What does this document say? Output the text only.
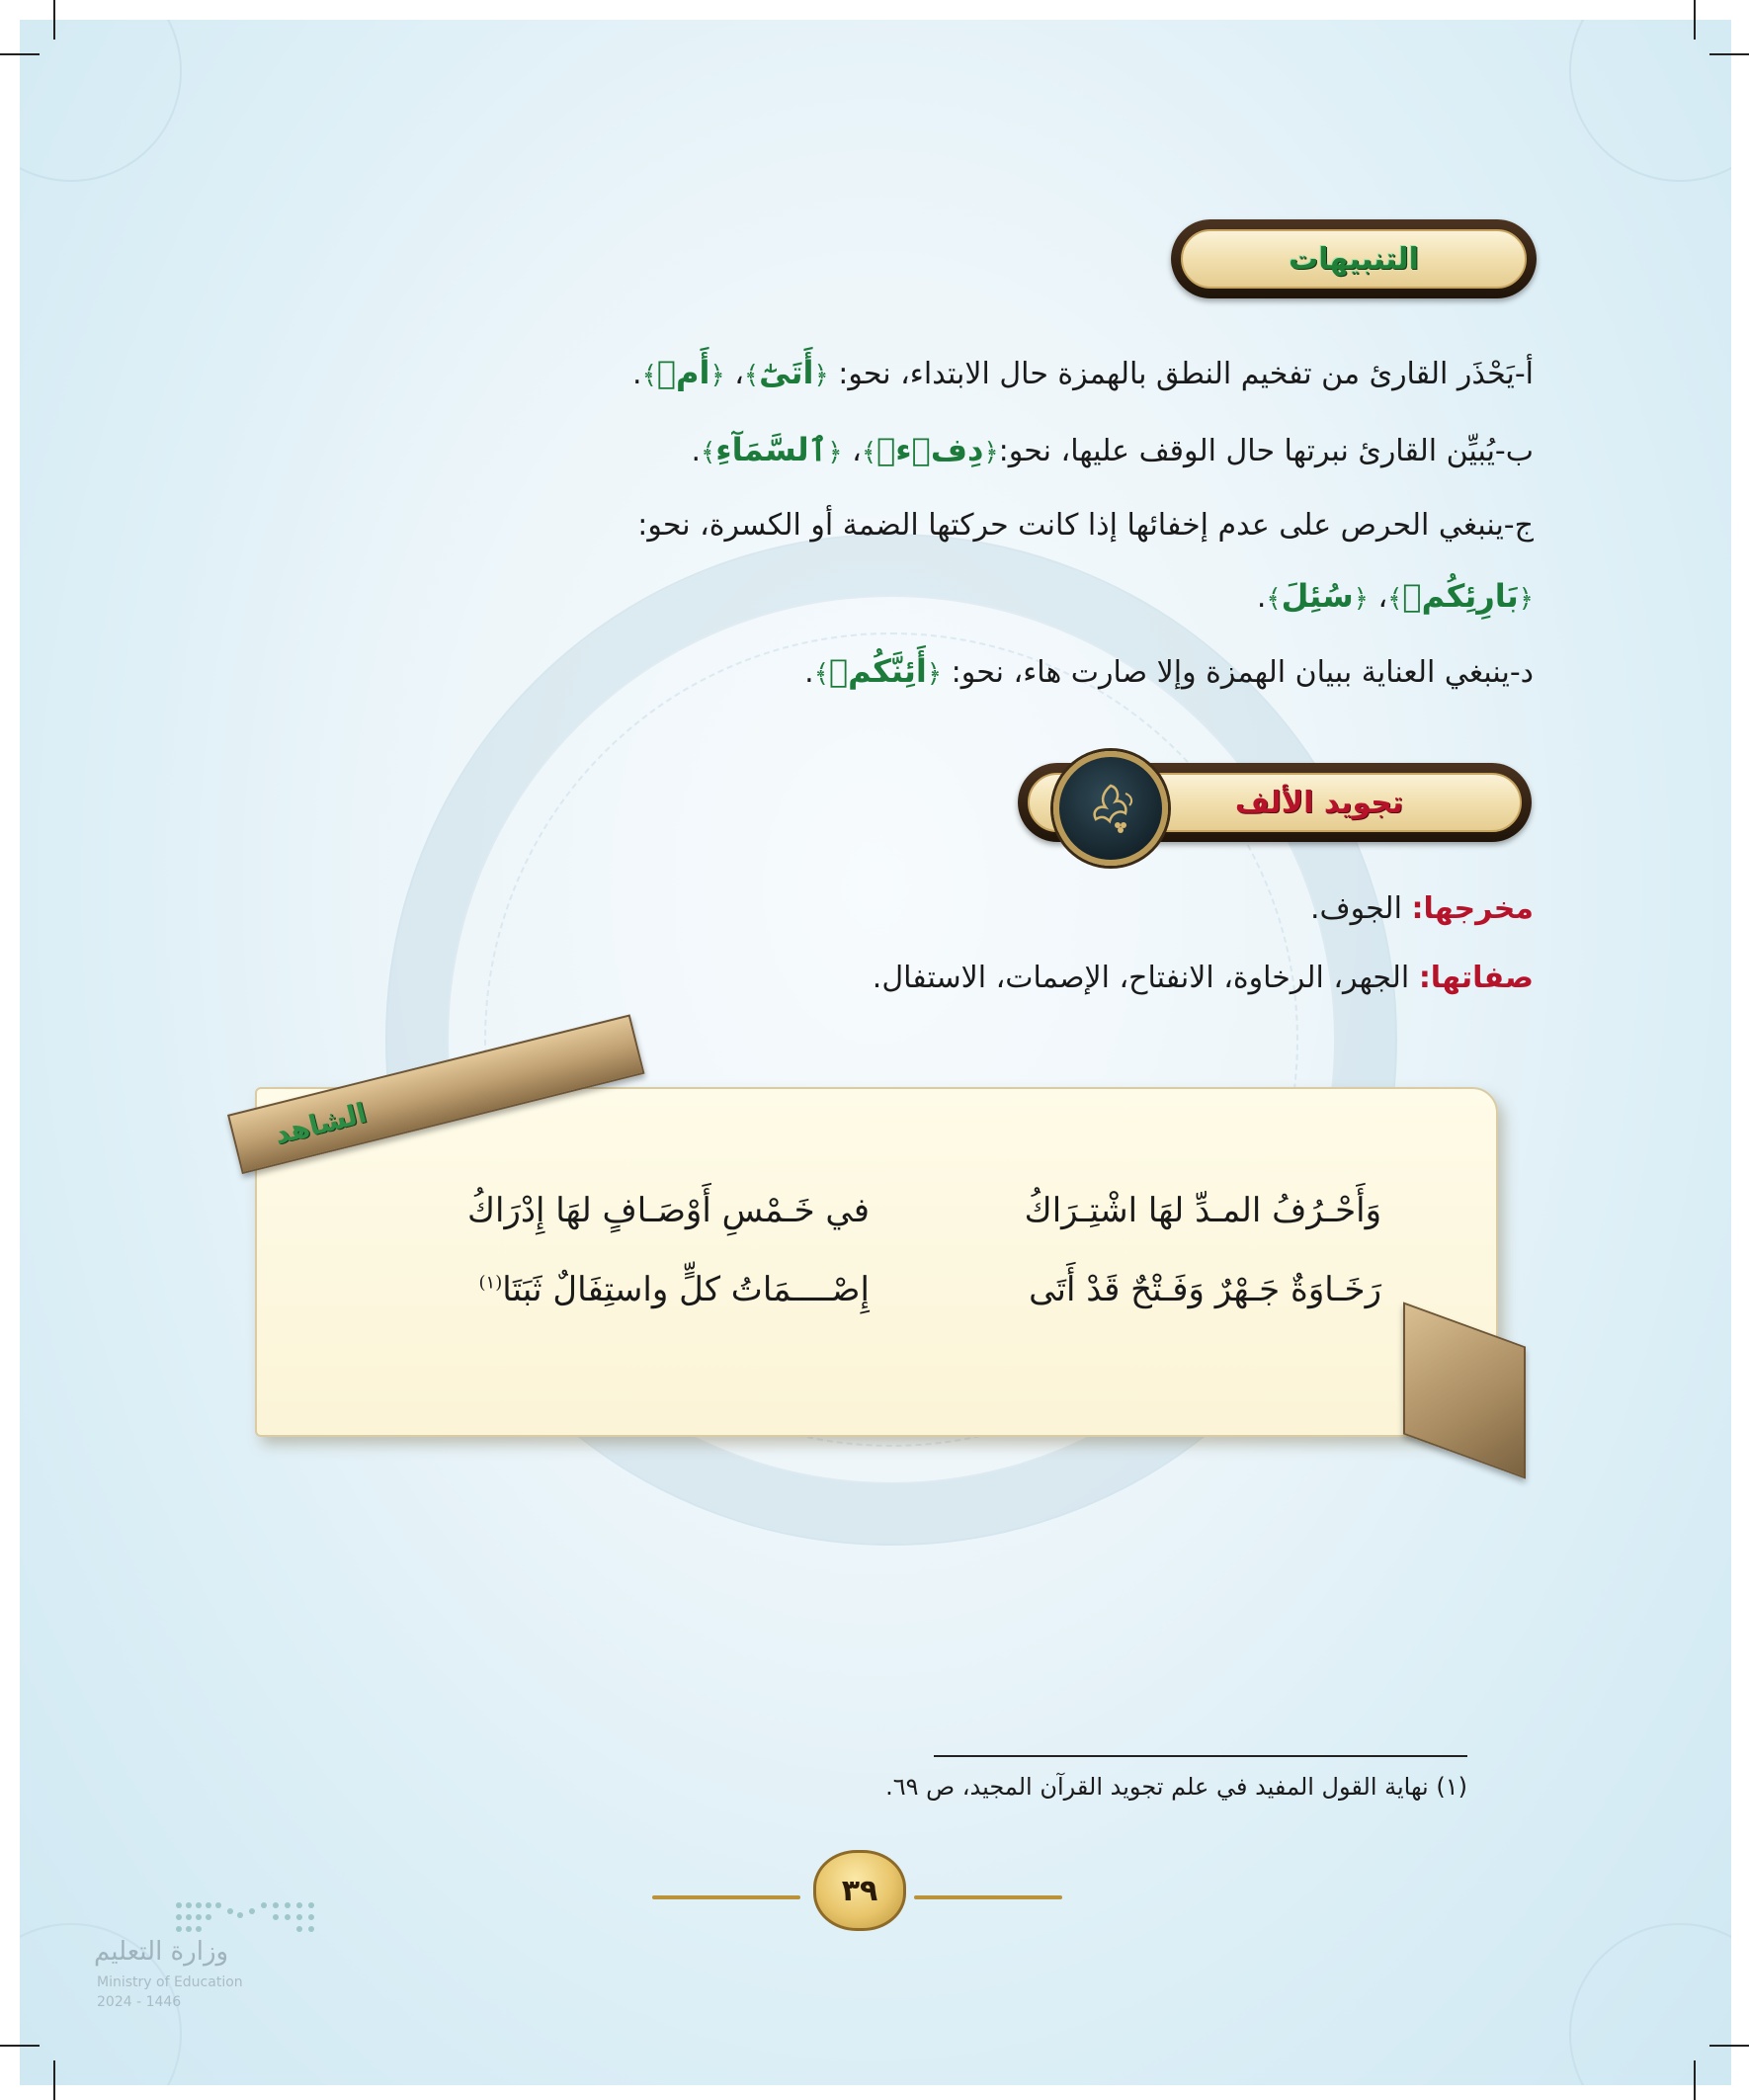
التنبيهات
أ-يَحْذَر القارئ من تفخيم النطق بالهمزة حال الابتداء، نحو: ﴿أَتَىٰٓ﴾، ﴿أَمۡ﴾.
ب-يُبيِّن القارئ نبرتها حال الوقف عليها، نحو:﴿دِفۡءٞ﴾، ﴿ٱلسَّمَآءِ﴾.
ج-ينبغي الحرص على عدم إخفائها إذا كانت حركتها الضمة أو الكسرة، نحو:
﴿بَارِئِكُمۡ﴾، ﴿سُئِلَ﴾.
د-ينبغي العناية ببيان الهمزة وإلا صارت هاء، نحو: ﴿أَئِنَّكُمۡ﴾.
تجويد الألف
مخرجها: الجوف.
صفاتها: الجهر، الرخاوة، الانفتاح، الإصمات، الاستفال.
الشاهد
وَأَحْـرُفُ المـدِّ لهَا اشْتِـرَاكُ
في خَـمْسِ أَوْصَـافٍ لهَا إِدْرَاكُ
رَخَـاوَةٌ جَـهْرٌ وَفَـتْحٌ قَدْ أَتَى
إِصْــــمَاتُ كلٍّ واستِفَالٌ ثَبَتَا$^{(١)}$
(١) نهاية القول المفيد في علم تجويد القرآن المجيد، ص ٦٩.
٣٩
وزارة التعليم
Ministry of Education
2024 - 1446
